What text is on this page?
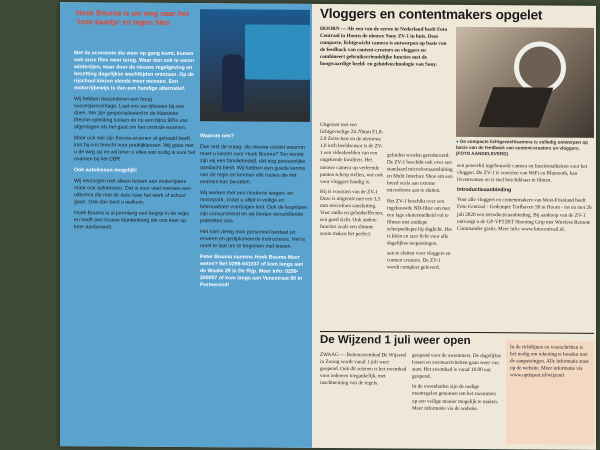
Hoek Bouma is uw weg naar het 'roze kaartje' en tegen files

Met de economie die weer op gang komt, komen ook onze files weer terug. Waar dan ook te varen wintertijen, waar door de nieuwe regelgeving en bezetting dagelijkse wachttijden ontstaan. Op de rijschool kiezen steeds meer mensen. Een motorrijbewijs is dan een handige alternatief.

Wij hebben besonderen een hoog succespercentage. Laat ons uw rijlessen bij ons doen. We zijn gespecialiseerd in de klassieke theorie-opleiding tussen de nu een bijna 90% van afgeslagen als het gaat om het centrale examen.

Maar ook wie zijn theorie-examen al gehaald heeft kan bij ons terecht voor praktijklessen. Wij gaan met u de weg op en wij leren u alles wat nodig is voor het examen bij het CBR.

Ook autolessen mogelijk!

Wij verzorgen niet alleen lessen aan motorrijders maar ook autolessen. Dat is voor veel mensen een uitkomst die met de auto naar het werk of school gaan. Ook dan bent u welkom.

Hoek Bouma is al jarenlang een begrip in de regio en heeft een trouwe klantenkring die ons keer op keer aanbeveelt.

Waarom ons?

Dan rest de vraag: als nieuwe cursist waarom moet u kiezen voor Hoek Bouma? Ten eerste zijn wij een familiebedrijf, dat nog persoonlijke aandacht biedt. Wij hebben een goede kennis van de regio en kennen alle routes die het examen kan bevatten.

Wij werken met een moderne wagen- en motorpark, zodat u altijd in veilige en betrouwbare voertuigen lest. Ook de lesprijzen zijn concurrerend en wij bieden verschillende pakketten aan.

Het ruim dertig man personeel bestaat uit ervaren en gediplomeerde instructeurs. Het is nooit te laat om te beginnen met lessen.

Peter Bouma namens Hoek Bouma Meer weten? Bel 0299-641037 of kom langs aan de Waalw 29 in De Rijp. Meer info: 0299-200007 of kom langs aan Venestraat 90 in Purmerend!

Vloggers en contentmakers opgelet
● De compacte lichtgewichtcamera is volledig ontworpen op basis van de feedback van content-creators en vloggers. (FOTO AANGELEVERD)
HOORN — Als een van de eerste in Nederland heeft Foto Centraal in Hoorn de nieuwe Sony ZV-1 in huis. Deze compacte, lichtgewicht camera is ontworpen op basis van de feedback van content-creators en vloggers en combineert gebruiksvriendelijke functies met de hoogwaardige beeld- en geluidstechnologie van Sony.

Uitgerust met een lichtgevoelige 24-70mm F1.8-2.8 Zeiss-lens en de nieuwste 1.0 inch beeldsensor is de ZV-1 een videobeelden van een ongekende kwaliteit. Het nieuwe camera op verleende punten scherp stellen, wat ook voor vloggers handig is.

Hij is voorzien van de ZV-1 Deze is uitgerust met een 3,5 mm microfoon aansluiting. Voor audio en geluidseffecten, een goed zicht. Ook andere functies zoals een slimme zoom maken het perfect.

geluiden worden gereduceerd. De ZV-1 beschikt ook over een standaard microfoonaansluiting en Multi Interface Shoe om een breed scala aan externe microfoons aan te sluiten.

Het ZV-1 beschikt over een ingebouwde ND-filter om met een lage sluitersnelheid vol te filmen met ondiepe scherptediepte bij daglicht. Het is klein en zeer licht voor alle dagelijkse toepassingen.

aan te sluiten voor vloggers en content creators. De ZV-1 wordt compleet geleverd.

een powerful ingebouwde camera en functionaliteiten voor het vloggen. De ZV-1 is voorzien van WiFi en Bluetooth, kan livestreamen en is snel beschikbaar in filmen.

Introductieaanbieding

Voor alle vloggers en contentmakers van West-Friesland heeft Foto Centraal - Gedempte Turfhaven 58 in Hoorn - tot en met 26 juli 2020 een introductieaanbieding. Bij aankoop van de ZV-1 ontvangt u de GP-VPT2BT Shooting Grip met Wireless Remote Commander gratis. Meer info: www.fotocentraal.nl.

De Wijzend 1 juli weer open
ZWAAG — Buitenzwembad De Wijzend in Zwaag wordt vanaf 1 juli weer geopend. Ook dit seizoen is het zwembad voor iedereen toegankelijk, met inachtneming van de regels.

geopend voor de zwemmers. De dagelijkse lessen en zwemactiviteiten gaan weer van start. Het zwembad is vanaf 10.00 uur geopend.

In de zwembaden zijn de nodige maatregelen genomen om het zwemmen op een veilige manier mogelijk te maken. Meer informatie via de website.

In de richtlijnen en voorschriften is het nodig om rekening te houden met de aanpassingen. Alle informatie staat op de website. Meer informatie via www.optisport.nl/wijzend
